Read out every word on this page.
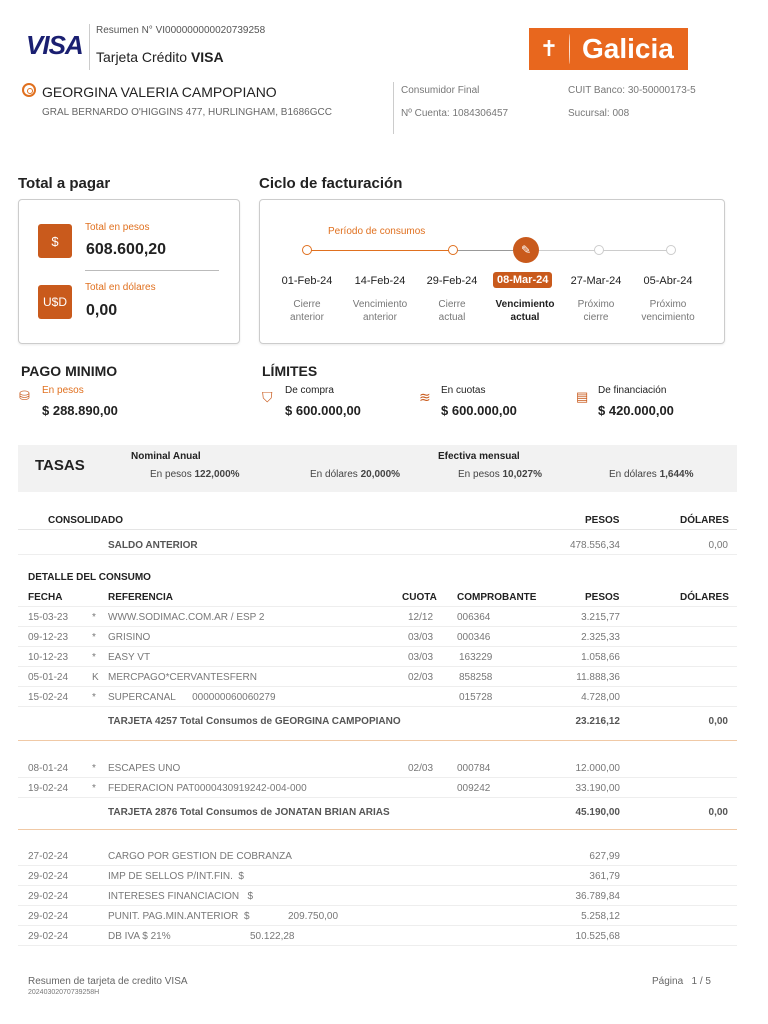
VISA Resumen N° VI000000000020739258
Tarjeta Crédito VISA	✝ Galicia
GEORGINA VALERIA CAMPOPIANO
GRAL BERNARDO O'HIGGINS 477, HURLINGHAM, B1686GCC
Consumidor Final
Nº Cuenta: 1084306457
CUIT Banco: 30-50000173-5
Sucursal: 008
Total a pagar
$
Total en pesos
608.600,20
U$D
Total en dólares
0,00
Ciclo de facturación
Período de consumos
✎
01-Feb-24	14-Feb-24	29-Feb-24	08-Mar-24	27-Mar-24	05-Abr-24
Cierre
anterior
Vencimiento
anterior
Cierre
actual
Vencimiento
actual
Próximo
cierre
Próximo
vencimiento
PAGO MINIMO
⛁ En pesos
$ 288.890,00
LÍMITES
⛉ De compra
$ 600.000,00
≋ En cuotas
$ 600.000,00
▤ De financiación
$ 420.000,00
TASAS
Nominal Anual	Efectiva mensual
En pesos 122,000%	En dólares 20,000%	En pesos 10,027%	En dólares 1,644%
CONSOLIDADO	PESOS	DÓLARES
SALDO ANTERIOR	478.556,34	0,00
DETALLE DEL CONSUMO
FECHA	REFERENCIA	CUOTA COMPROBANTE	PESOS	DÓLARES
15-03-23 * WWW.SODIMAC.COM.AR / ESP 2	12/12 006364	3.215,77
09-12-23 * GRISINO	03/03 000346	2.325,33
10-12-23 * EASY VT	03/03	163229	1.058,66
05-01-24 K MERCPAGO*CERVANTESFERN	02/03	858258	11.888,36
15-02-24 * SUPERCANAL      000000060060279	015728	4.728,00
TARJETA 4257 Total Consumos de GEORGINA CAMPOPIANO	23.216,12	0,00
08-01-24 * ESCAPES UNO	02/03 000784	12.000,00
19-02-24 * FEDERACION PAT0000430919242-004-000	009242	33.190,00
TARJETA 2876 Total Consumos de JONATAN BRIAN ARIAS	45.190,00	0,00
27-02-24	CARGO POR GESTION DE COBRANZA	627,99
29-02-24	IMP DE SELLOS P/INT.FIN.  $	361,79
29-02-24	INTERESES FINANCIACION   $	36.789,84
29-02-24	PUNIT. PAG.MIN.ANTERIOR  $	209.750,00	5.258,12
29-02-24	DB IVA $ 21%	50.122,28	10.525,68
Resumen de tarjeta de credito VISA
20240302070739258H
Página 1 / 5
